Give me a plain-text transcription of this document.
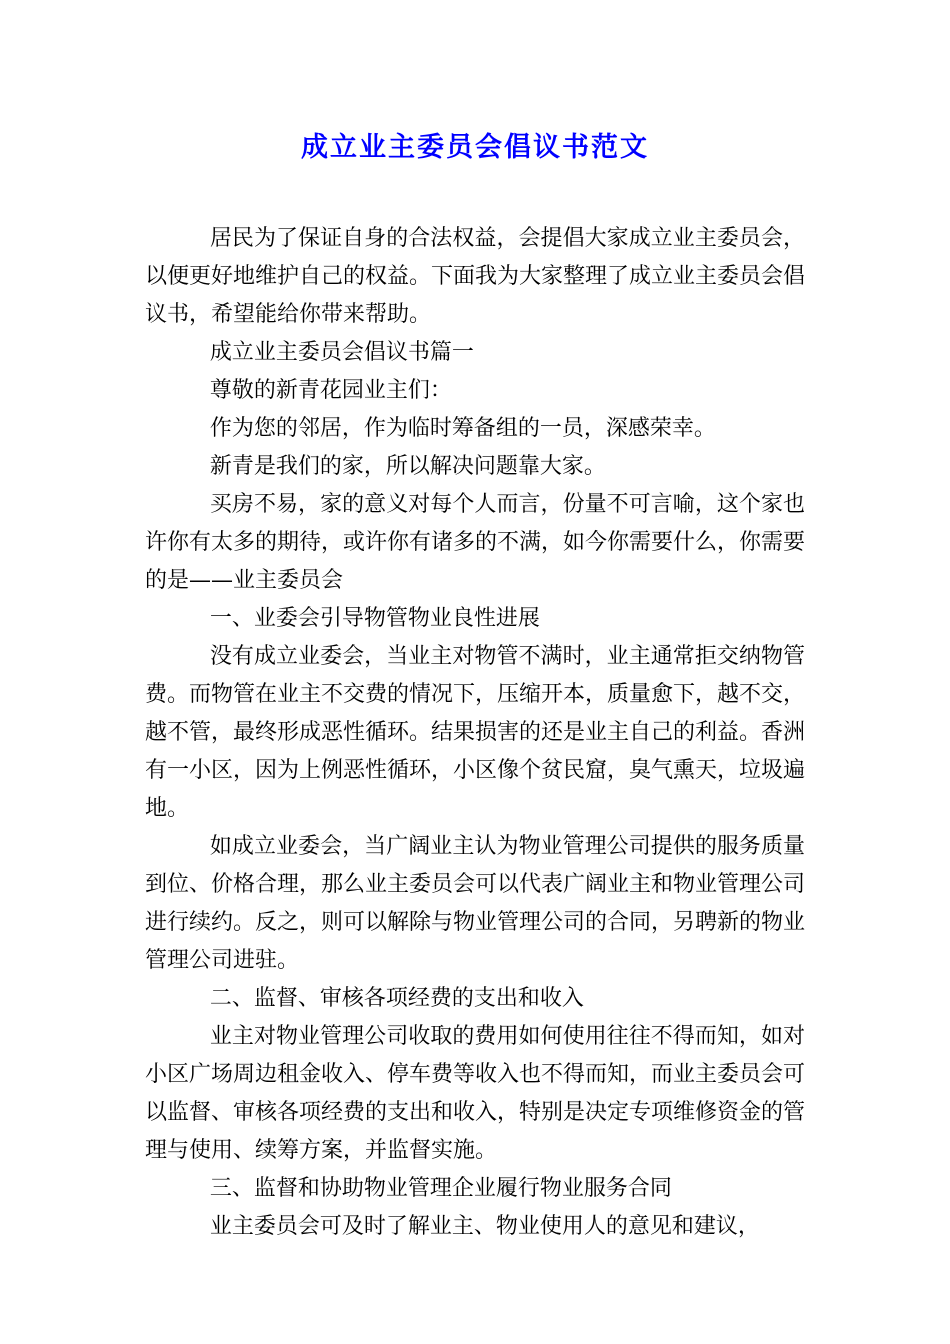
成立业主委员会倡议书范文

居民为了保证自身的合法权益，会提倡大家成立业主委员会，以便更好地维护自己的权益。下面我为大家整理了成立业主委员会倡议书，希望能给你带来帮助。

成立业主委员会倡议书篇一

尊敬的新青花园业主们：

作为您的邻居，作为临时筹备组的一员，深感荣幸。

新青是我们的家，所以解决问题靠大家。

买房不易，家的意义对每个人而言，份量不可言喻，这个家也许你有太多的期待，或许你有诸多的不满，如今你需要什么，你需要的是——业主委员会

一、业委会引导物管物业良性进展

没有成立业委会，当业主对物管不满时，业主通常拒交纳物管费。而物管在业主不交费的情况下，压缩开本，质量愈下，越不交，越不管，最终形成恶性循环。结果损害的还是业主自己的利益。香洲有一小区，因为上例恶性循环，小区像个贫民窟，臭气熏天，垃圾遍地。

如成立业委会，当广阔业主认为物业管理公司提供的服务质量到位、价格合理，那么业主委员会可以代表广阔业主和物业管理公司进行续约。反之，则可以解除与物业管理公司的合同，另聘新的物业管理公司进驻。

二、监督、审核各项经费的支出和收入

业主对物业管理公司收取的费用如何使用往往不得而知，如对小区广场周边租金收入、停车费等收入也不得而知，而业主委员会可以监督、审核各项经费的支出和收入，特别是决定专项维修资金的管理与使用、续筹方案，并监督实施。

三、监督和协助物业管理企业履行物业服务合同

业主委员会可及时了解业主、物业使用人的意见和建议，
